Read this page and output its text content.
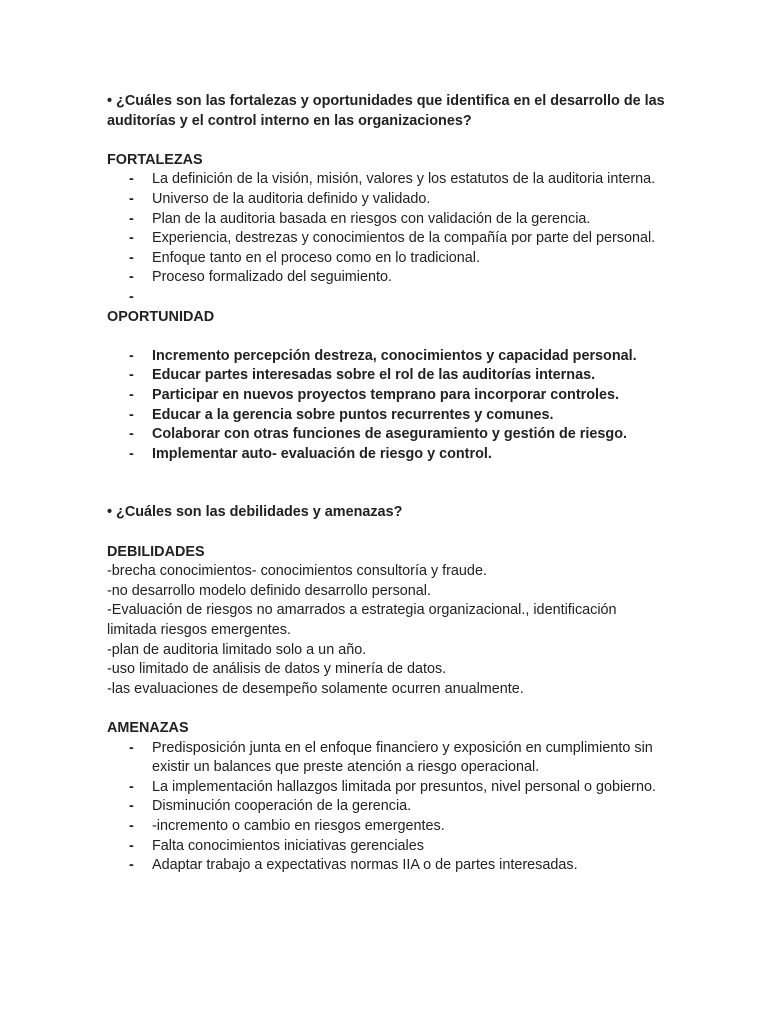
• ¿Cuáles son las fortalezas y oportunidades que identifica en el desarrollo de las auditorías y el control interno en las organizaciones?

FORTALEZAS

- La definición de la visión, misión, valores y los estatutos de la auditoria interna.
- Universo de la auditoria definido y validado.
- Plan de la auditoria basada en riesgos con validación de la gerencia.
- Experiencia, destrezas y conocimientos de la compañía por parte del personal.
- Enfoque tanto en el proceso como en lo tradicional.
- Proceso formalizado del seguimiento.
-

OPORTUNIDAD

- Incremento percepción destreza, conocimientos y capacidad personal.
- Educar partes interesadas sobre el rol de las auditorías internas.
- Participar en nuevos proyectos temprano para incorporar controles.
- Educar a la gerencia sobre puntos recurrentes y comunes.
- Colaborar con otras funciones de aseguramiento y gestión de riesgo.
- Implementar auto- evaluación de riesgo y control.

• ¿Cuáles son las debilidades y amenazas?

DEBILIDADES

-brecha conocimientos- conocimientos consultoría y fraude.

-no desarrollo modelo definido desarrollo personal.

-Evaluación de riesgos no amarrados a estrategia organizacional., identificación limitada riesgos emergentes.

-plan de auditoria limitado solo a un año.

-uso limitado de análisis de datos y minería de datos.

-las evaluaciones de desempeño solamente ocurren anualmente.

AMENAZAS

- Predisposición junta en el enfoque financiero y exposición en cumplimiento sin existir un balances que preste atención a riesgo operacional.
- La implementación hallazgos limitada por presuntos, nivel personal o gobierno.
- Disminución cooperación de la gerencia.
- -incremento o cambio en riesgos emergentes.
- Falta conocimientos iniciativas gerenciales
- Adaptar trabajo a expectativas normas IIA o de partes interesadas.
